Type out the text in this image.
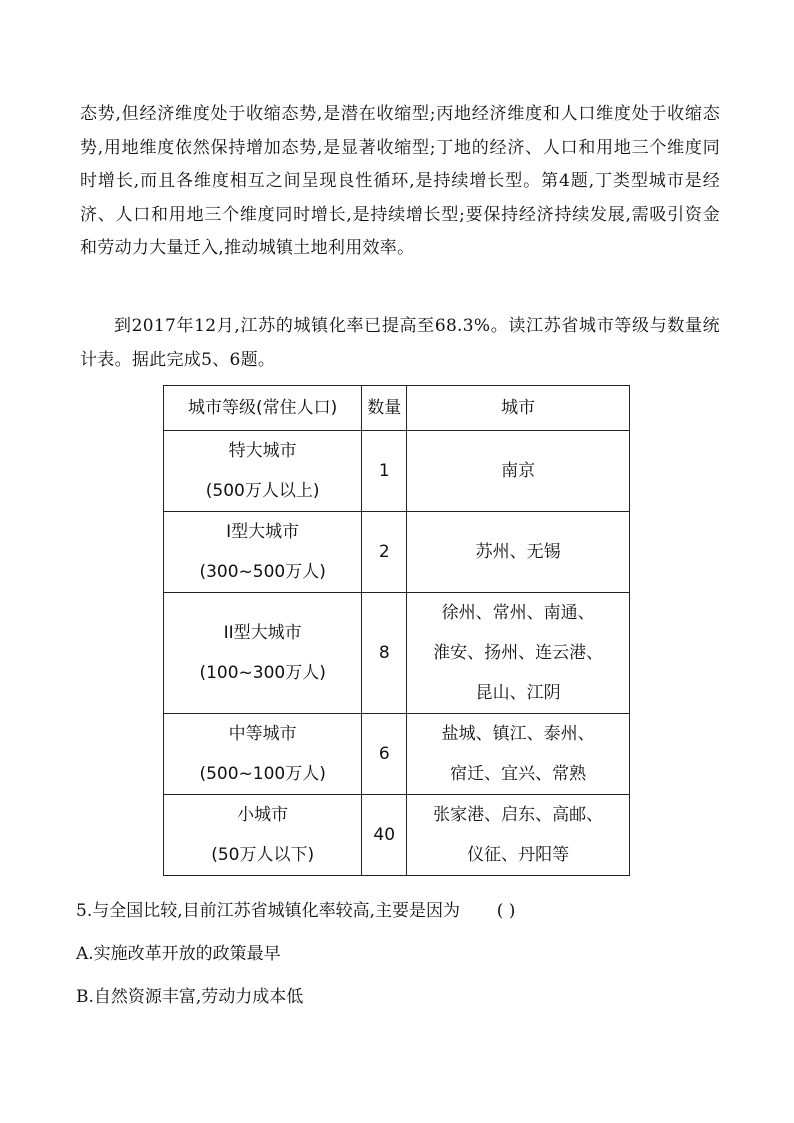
态势,但经济维度处于收缩态势,是潜在收缩型;丙地经济维度和人口维度处于收缩态势,用地维度依然保持增加态势,是显著收缩型;丁地的经济、人口和用地三个维度同时增长,而且各维度相互之间呈现良性循环,是持续增长型。第4题,丁类型城市是经济、人口和用地三个维度同时增长,是持续增长型;要保持经济持续发展,需吸引资金和劳动力大量迁入,推动城镇土地利用效率。

到2017年12月,江苏的城镇化率已提高至68.3%。读江苏省城市等级与数量统计表。据此完成5、6题。

城市等级(常住人口)	数量	城市

特大城市
(500万人以上)	1	南京

I型大城市
(300~500万人)	2	苏州、无锡

II型大城市
(100~300万人)	8	徐州、常州、南通、
淮安、扬州、连云港、
昆山、江阴

中等城市
(500~100万人)	6	盐城、镇江、泰州、
宿迁、宜兴、常熟

小城市
(50万人以下)	40	张家港、启东、高邮、
仪征、丹阳等

5.与全国比较,目前江苏省城镇化率较高,主要是因为 ( )

A.实施改革开放的政策最早

B.自然资源丰富,劳动力成本低
